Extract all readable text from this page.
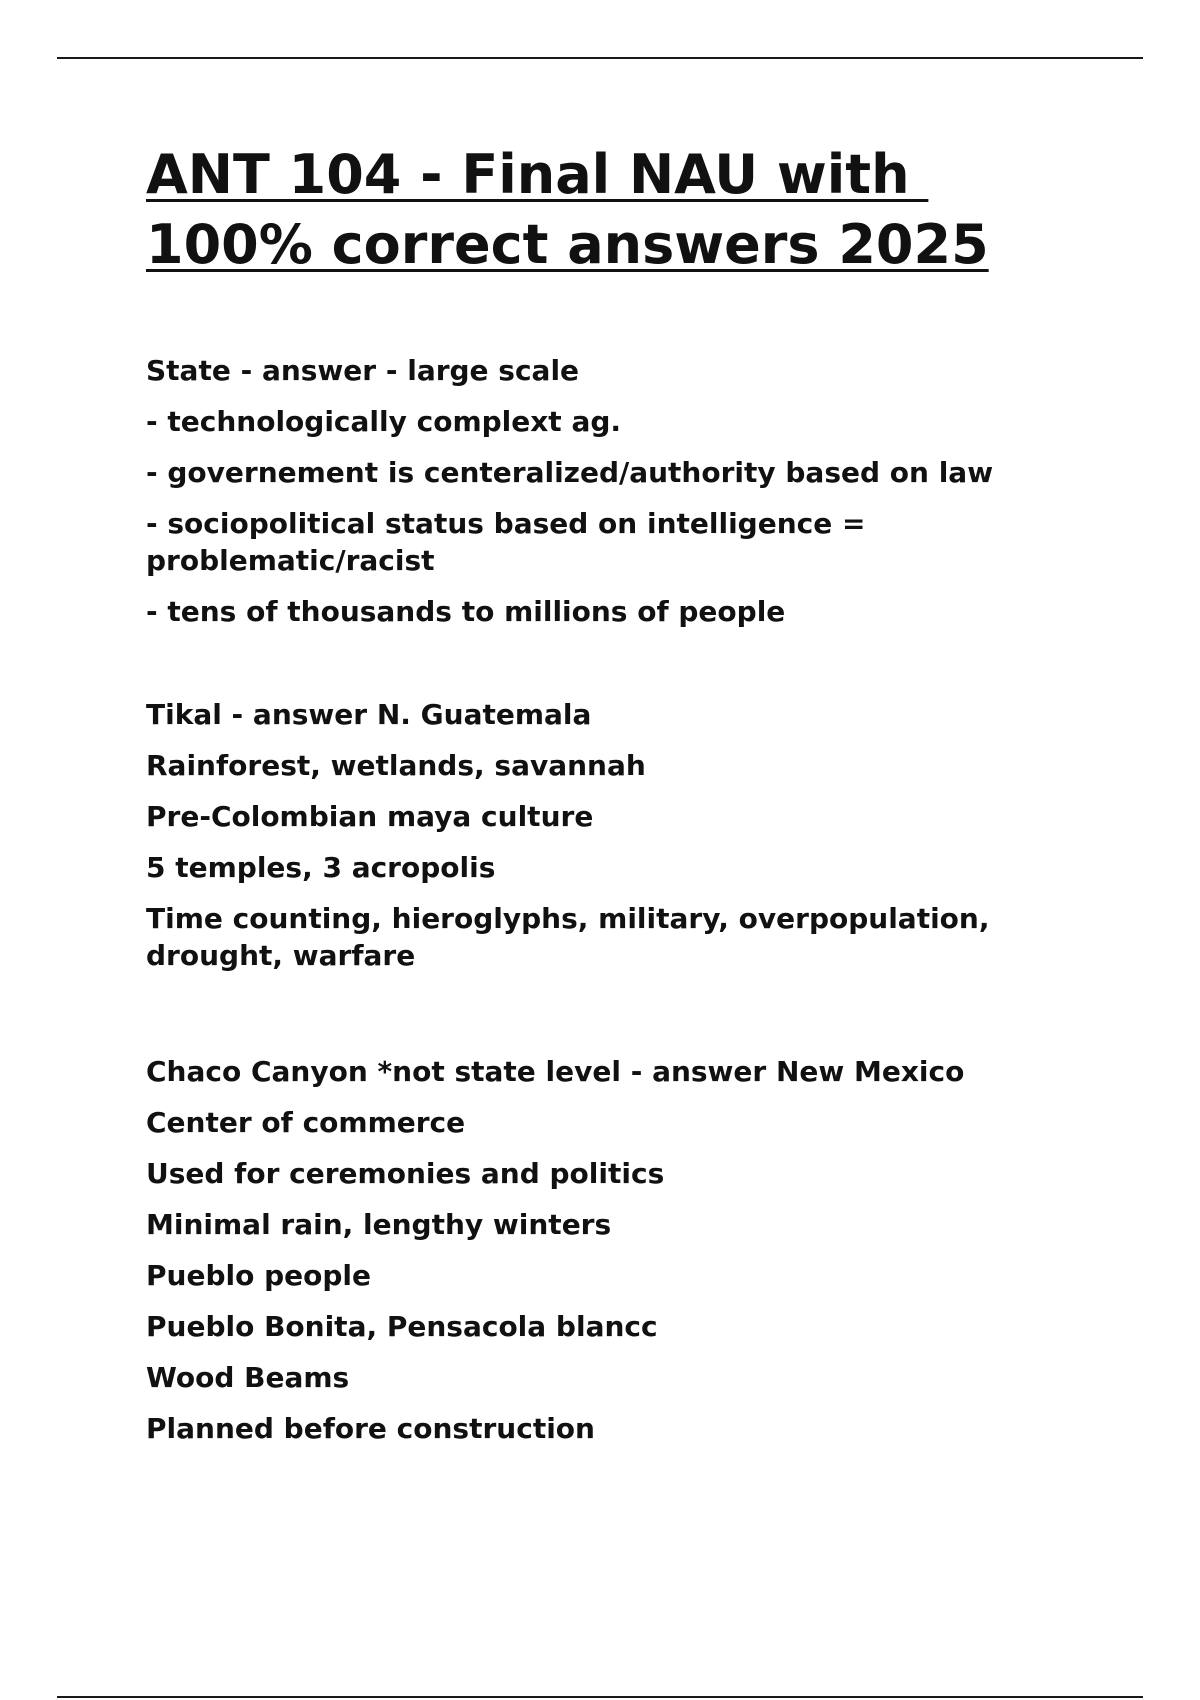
ANT 104 - Final NAU with
100% correct answers 2025

State - answer - large scale

- technologically complext ag.

- governement is centeralized/authority based on law

- sociopolitical status based on intelligence = problematic/racist

- tens of thousands to millions of people

Tikal - answer N. Guatemala

Rainforest, wetlands, savannah

Pre-Colombian maya culture

5 temples, 3 acropolis

Time counting, hieroglyphs, military, overpopulation, drought, warfare

Chaco Canyon *not state level - answer New Mexico

Center of commerce

Used for ceremonies and politics

Minimal rain, lengthy winters

Pueblo people

Pueblo Bonita, Pensacola blancc

Wood Beams

Planned before construction
